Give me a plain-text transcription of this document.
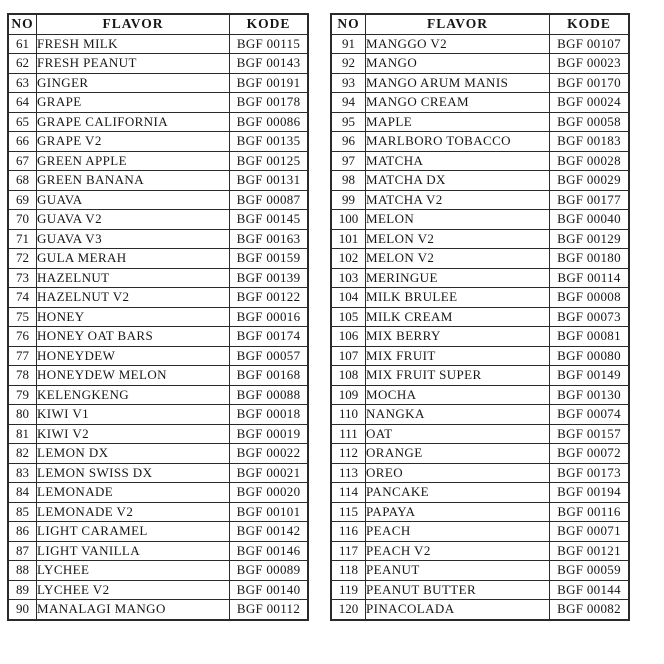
NO	FLAVOR	KODE
61	FRESH MILK	BGF 00115
62	FRESH PEANUT	BGF 00143
63	GINGER	BGF 00191
64	GRAPE	BGF 00178
65	GRAPE CALIFORNIA	BGF 00086
66	GRAPE V2	BGF 00135
67	GREEN APPLE	BGF 00125
68	GREEN BANANA	BGF 00131
69	GUAVA	BGF 00087
70	GUAVA V2	BGF 00145
71	GUAVA V3	BGF 00163
72	GULA MERAH	BGF 00159
73	HAZELNUT	BGF 00139
74	HAZELNUT V2	BGF 00122
75	HONEY	BGF 00016
76	HONEY OAT BARS	BGF 00174
77	HONEYDEW	BGF 00057
78	HONEYDEW MELON	BGF 00168
79	KELENGKENG	BGF 00088
80	KIWI V1	BGF 00018
81	KIWI V2	BGF 00019
82	LEMON DX	BGF 00022
83	LEMON SWISS DX	BGF 00021
84	LEMONADE	BGF 00020
85	LEMONADE V2	BGF 00101
86	LIGHT CARAMEL	BGF 00142
87	LIGHT VANILLA	BGF 00146
88	LYCHEE	BGF 00089
89	LYCHEE V2	BGF 00140
90	MANALAGI MANGO	BGF 00112
NO	FLAVOR	KODE
91	MANGGO V2	BGF 00107
92	MANGO	BGF 00023
93	MANGO ARUM MANIS	BGF 00170
94	MANGO CREAM	BGF 00024
95	MAPLE	BGF 00058
96	MARLBORO TOBACCO	BGF 00183
97	MATCHA	BGF 00028
98	MATCHA DX	BGF 00029
99	MATCHA V2	BGF 00177
100	MELON	BGF 00040
101	MELON V2	BGF 00129
102	MELON V2	BGF 00180
103	MERINGUE	BGF 00114
104	MILK BRULEE	BGF 00008
105	MILK CREAM	BGF 00073
106	MIX BERRY	BGF 00081
107	MIX FRUIT	BGF 00080
108	MIX FRUIT SUPER	BGF 00149
109	MOCHA	BGF 00130
110	NANGKA	BGF 00074
111	OAT	BGF 00157
112	ORANGE	BGF 00072
113	OREO	BGF 00173
114	PANCAKE	BGF 00194
115	PAPAYA	BGF 00116
116	PEACH	BGF 00071
117	PEACH V2	BGF 00121
118	PEANUT	BGF 00059
119	PEANUT BUTTER	BGF 00144
120	PINACOLADA	BGF 00082
